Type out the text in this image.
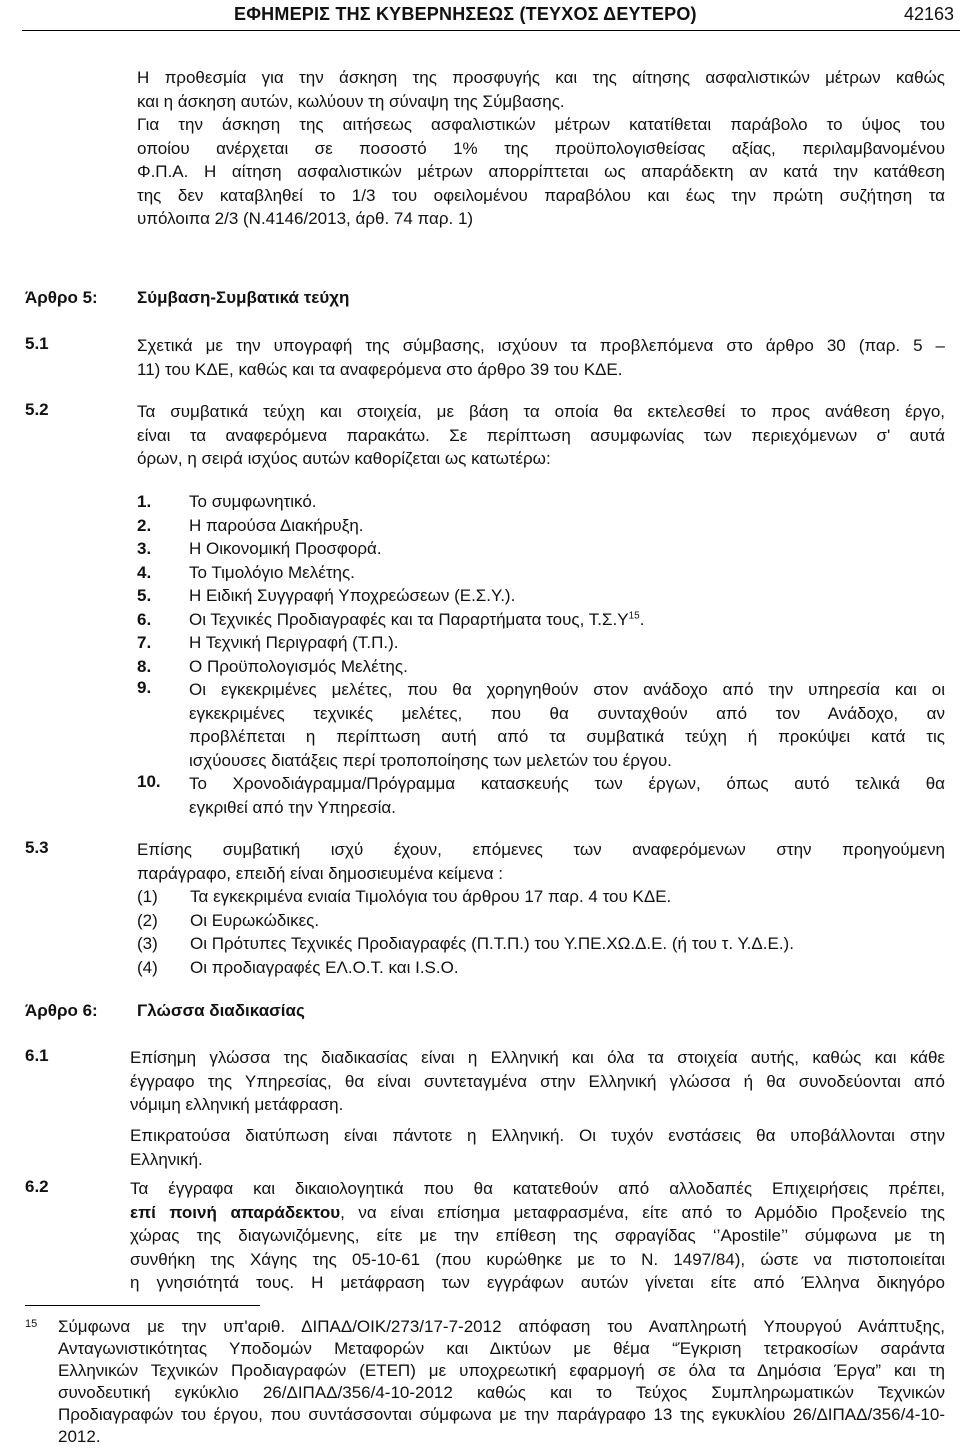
ΕΦΗΜΕΡΙΣ ΤΗΣ ΚΥΒΕΡΝΗΣΕΩΣ (ΤΕΥΧΟΣ ΔΕΥΤΕΡΟ)	42163
Η προθεσμία για την άσκηση της προσφυγής και της αίτησης ασφαλιστικών μέτρων καθώς
και η άσκηση αυτών, κωλύουν τη σύναψη της Σύμβασης.
Για την άσκηση της αιτήσεως ασφαλιστικών μέτρων κατατίθεται παράβολο το ύψος του
οποίου ανέρχεται σε ποσοστό 1% της προϋπολογισθείσας αξίας, περιλαμβανομένου
Φ.Π.Α. Η αίτηση ασφαλιστικών μέτρων απορρίπτεται ως απαράδεκτη αν κατά την κατάθεση
της δεν καταβληθεί το 1/3 του οφειλομένου παραβόλου και έως την πρώτη συζήτηση τα
υπόλοιπα 2/3 (Ν.4146/2013, άρθ. 74 παρ. 1)
Άρθρο 5: Σύμβαση-Συμβατικά τεύχη
5.1	Σχετικά με την υπογραφή της σύμβασης, ισχύουν τα προβλεπόμενα στο άρθρο 30 (παρ. 5 –
11) του ΚΔΕ, καθώς και τα αναφερόμενα στο άρθρο 39 του ΚΔΕ.
5.2	Τα συμβατικά τεύχη και στοιχεία, με βάση τα οποία θα εκτελεσθεί το προς ανάθεση έργο,
είναι τα αναφερόμενα παρακάτω. Σε περίπτωση ασυμφωνίας των περιεχόμενων σ' αυτά
όρων, η σειρά ισχύος αυτών καθορίζεται ως κατωτέρω:
1. Το συμφωνητικό.
2. Η παρούσα Διακήρυξη.
3. Η Οικονομική Προσφορά.
4. Το Τιμολόγιο Μελέτης.
5. Η Ειδική Συγγραφή Υποχρεώσεων (Ε.Σ.Υ.).
6. Οι Τεχνικές Προδιαγραφές και τα Παραρτήματα τους, $T.\Sigma.\Upsilon^{15}$.
7. Η Τεχνική Περιγραφή (Τ.Π.).
8. Ο Προϋπολογισμός Μελέτης.
9. Οι εγκεκριμένες μελέτες, που θα χορηγηθούν στον ανάδοχο από την υπηρεσία και οι
εγκεκριμένες τεχνικές μελέτες, που θα συνταχθούν από τον Ανάδοχο, αν
προβλέπεται η περίπτωση αυτή από τα συμβατικά τεύχη ή προκύψει κατά τις
ισχύουσες διατάξεις περί τροποποίησης των μελετών του έργου.
10. Το Χρονοδιάγραμμα/Πρόγραμμα κατασκευής των έργων, όπως αυτό τελικά θα
εγκριθεί από την Υπηρεσία.
5.3	Επίσης συμβατική ισχύ έχουν, επόμενες των αναφερόμενων στην προηγούμενη
παράγραφο, επειδή είναι δημοσιευμένα κείμενα :
(1) Τα εγκεκριμένα ενιαία Τιμολόγια του άρθρου 17 παρ. 4 του ΚΔΕ.
(2) Οι Ευρωκώδικες.
(3) Οι Πρότυπες Τεχνικές Προδιαγραφές (Π.Τ.Π.) του Υ.ΠΕ.ΧΩ.Δ.Ε. (ή του τ. Υ.Δ.Ε.).
(4) Οι προδιαγραφές ΕΛ.Ο.Τ. και I.S.O.
Άρθρο 6: Γλώσσα διαδικασίας
6.1	Επίσημη γλώσσα της διαδικασίας είναι η Ελληνική και όλα τα στοιχεία αυτής, καθώς και κάθε
έγγραφο της Υπηρεσίας, θα είναι συντεταγμένα στην Ελληνική γλώσσα ή θα συνοδεύονται από
νόμιμη ελληνική μετάφραση.
Επικρατούσα διατύπωση είναι πάντοτε η Ελληνική. Οι τυχόν ενστάσεις θα υποβάλλονται στην
Ελληνική.
6.2	Τα έγγραφα και δικαιολογητικά που θα κατατεθούν από αλλοδαπές Επιχειρήσεις πρέπει,
επί ποινή απαράδεκτου, να είναι επίσημα μεταφρασμένα, είτε από το Αρμόδιο Προξενείο της
χώρας της διαγωνιζόμενης, είτε με την επίθεση της σφραγίδας ‘’Apostile’’ σύμφωνα με τη
συνθήκη της Χάγης της 05-10-61 (που κυρώθηκε με το Ν. 1497/84), ώστε να πιστοποιείται
η γνησιότητά τους. Η μετάφραση των εγγράφων αυτών γίνεται είτε από Έλληνα δικηγόρο
15 Σύμφωνα με την υπ'αριθ. ΔΙΠΑΔ/ΟΙΚ/273/17-7-2012 απόφαση του Αναπληρωτή Υπουργού Ανάπτυξης,
Ανταγωνιστικότητας Υποδομών Μεταφορών και Δικτύων με θέμα “Έγκριση τετρακοσίων σαράντα
Ελληνικών Τεχνικών Προδιαγραφών (ΕΤΕΠ) με υποχρεωτική εφαρμογή σε όλα τα Δημόσια Έργα” και τη
συνοδευτική εγκύκλιο 26/ΔΙΠΑΔ/356/4-10-2012 καθώς και το Τεύχος Συμπληρωματικών Τεχνικών
Προδιαγραφών του έργου, που συντάσσονται σύμφωνα με την παράγραφο 13 της εγκυκλίου 26/ΔΙΠΑΔ/356/4-10-2012.
